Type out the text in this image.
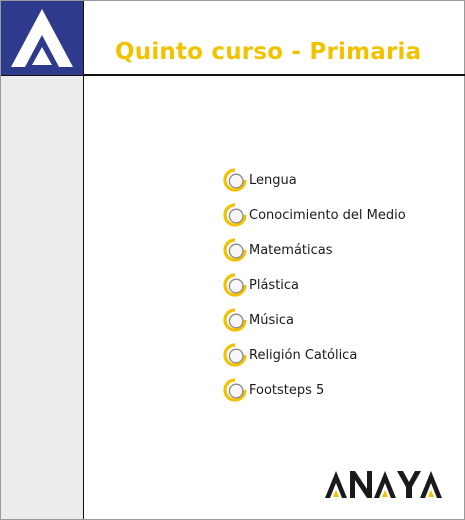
Quinto curso - Primaria
Lengua
Conocimiento del Medio
Matemáticas
Plástica
Música
Religión Católica
Footsteps 5
